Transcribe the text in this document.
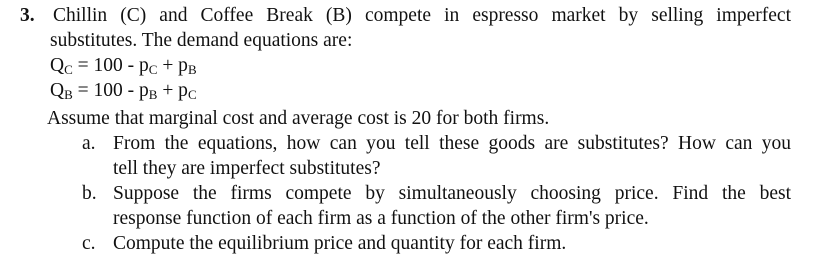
3. Chillin (C) and Coffee Break (B) compete in espresso market by selling imperfect
substitutes. The demand equations are:
$Q_C = 100 - p_C + p_B$
$Q_B = 100 - p_B + p_C$
Assume that marginal cost and average cost is 20 for both firms.
a. From the equations, how can you tell these goods are substitutes? How can you
tell they are imperfect substitutes?
b. Suppose the firms compete by simultaneously choosing price. Find the best
response function of each firm as a function of the other firm's price.
c. Compute the equilibrium price and quantity for each firm.
